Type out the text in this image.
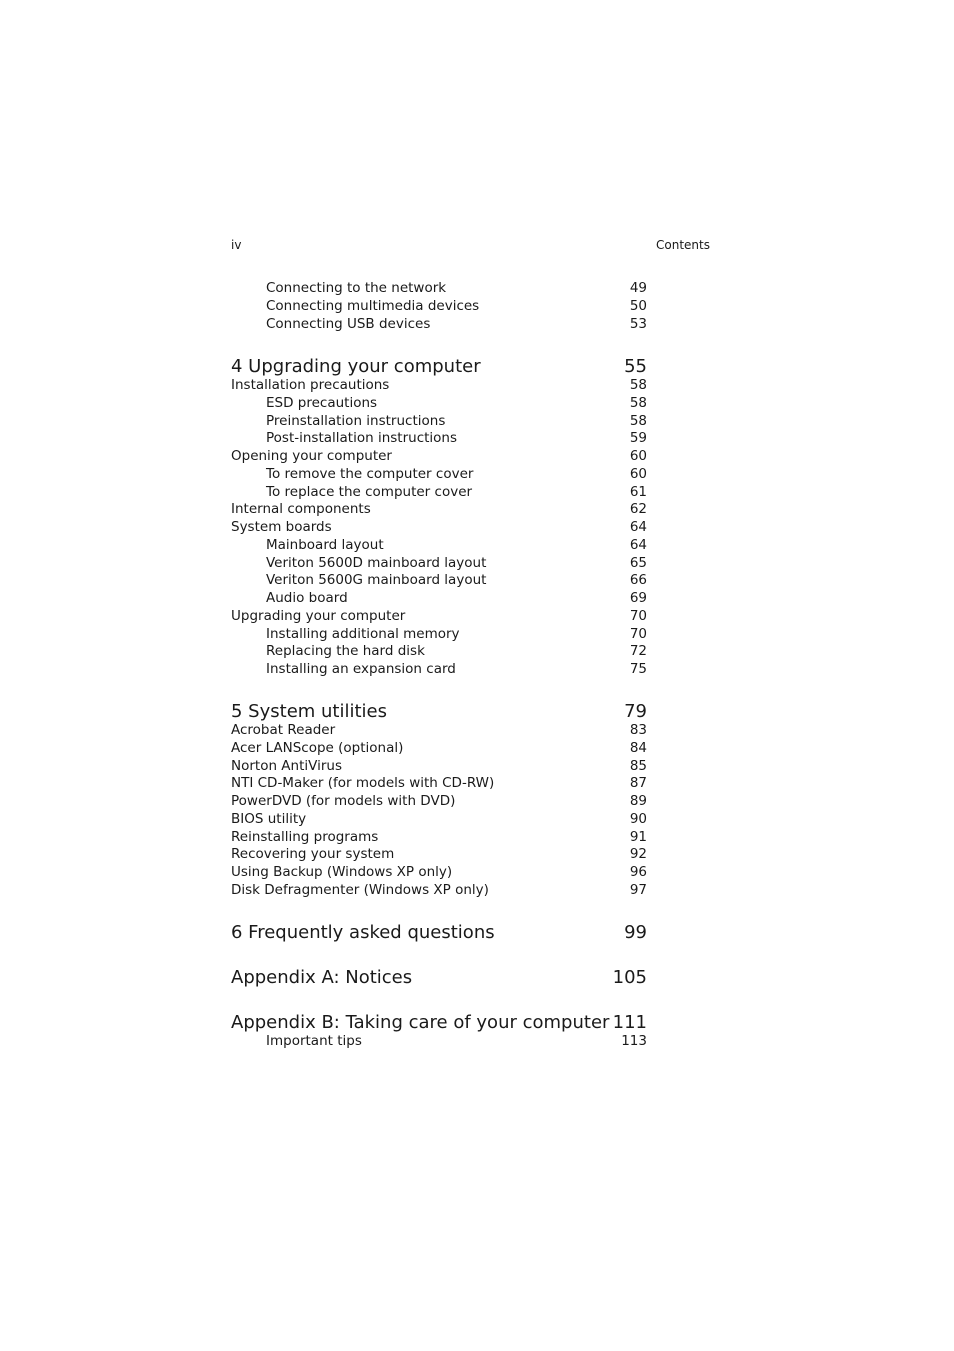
iv	Contents
Connecting to the network	49
Connecting multimedia devices	50
Connecting USB devices	53
4 Upgrading your computer	55
Installation precautions	58
ESD precautions	58
Preinstallation instructions	58
Post-installation instructions	59
Opening your computer	60
To remove the computer cover	60
To replace the computer cover	61
Internal components	62
System boards	64
Mainboard layout	64
Veriton 5600D mainboard layout	65
Veriton 5600G mainboard layout	66
Audio board	69
Upgrading your computer	70
Installing additional memory	70
Replacing the hard disk	72
Installing an expansion card	75
5 System utilities	79
Acrobat Reader	83
Acer LANScope (optional)	84
Norton AntiVirus	85
NTI CD-Maker (for models with CD-RW)	87
PowerDVD (for models with DVD)	89
BIOS utility	90
Reinstalling programs	91
Recovering your system	92
Using Backup (Windows XP only)	96
Disk Defragmenter (Windows XP only)	97
6 Frequently asked questions	99
Appendix A: Notices	105
Appendix B: Taking care of your computer 111
Important tips	113
